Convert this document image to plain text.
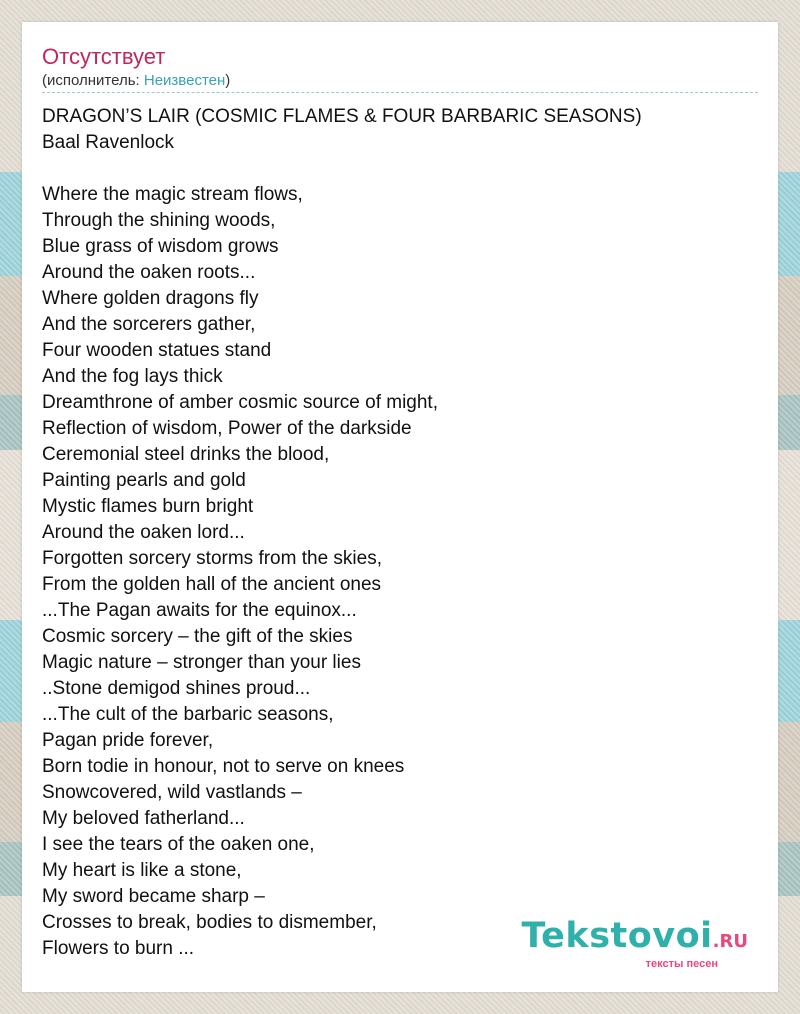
Отсутствует
(исполнитель: Неизвестен)
DRAGON’S LAIR (COSMIC FLAMES & FOUR BARBARIC SEASONS)
Baal Ravenlock
Where the magic stream flows,
Through the shining woods,
Blue grass of wisdom grows
Around the oaken roots...
Where golden dragons fly
And the sorcerers gather,
Four wooden statues stand
And the fog lays thick
Dreamthrone of amber cosmic source of might,
Reflection of wisdom, Power of the darkside
Ceremonial steel drinks the blood,
Painting pearls and gold
Mystic flames burn bright
Around the oaken lord...
Forgotten sorcery storms from the skies,
From the golden hall of the ancient ones
...The Pagan awaits for the equinox...
Cosmic sorcery – the gift of the skies
Magic nature – stronger than your lies
..Stone demigod shines proud...
...The cult of the barbaric seasons,
Pagan pride forever,
Born todie in honour, not to serve on knees
Snowcovered, wild vastlands –
My beloved fatherland...
I see the tears of the oaken one,
My heart is like a stone,
My sword became sharp –
Crosses to break, bodies to dismember,
Flowers to burn ...	Tekstovoi.RU
тексты песен
